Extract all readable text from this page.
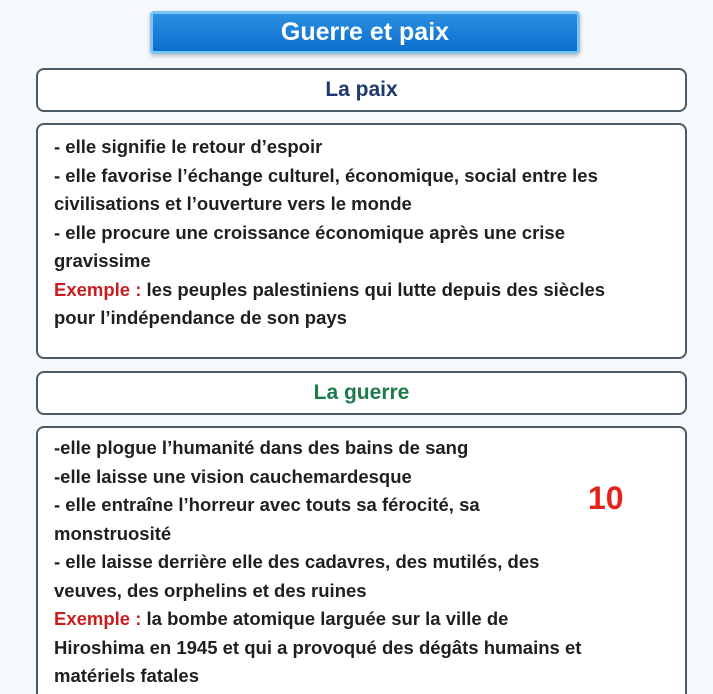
Guerre et paix
La paix
- elle signifie le retour d’espoir
- elle favorise l’échange culturel, économique, social entre les
civilisations et l’ouverture vers le monde
- elle procure une croissance économique après une crise
gravissime
Exemple : les peuples palestiniens qui lutte depuis des siècles
pour l’indépendance de son pays
La guerre
-elle plogue l’humanité dans des bains de sang
-elle laisse une vision cauchemardesque
- elle entraîne l’horreur avec touts sa férocité, sa
monstruosité
- elle laisse derrière elle des cadavres, des mutilés, des
veuves, des orphelins et des ruines
Exemple : la bombe atomique larguée sur la ville de
Hiroshima en 1945 et qui a provoqué des dégâts humains et
matériels fatales
10
